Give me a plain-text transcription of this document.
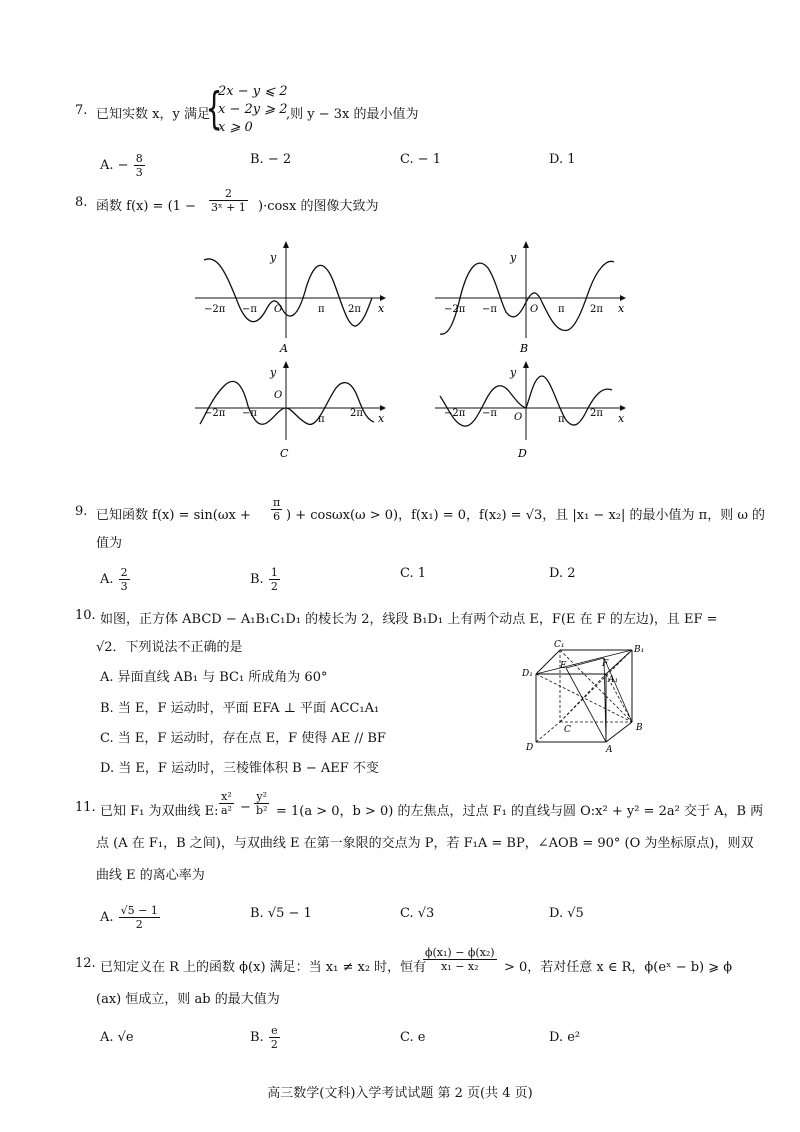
7. 已知实数 x，y 满足
{
2x − y ⩽ 2
x − 2y ⩾ 2
x ⩾ 0
,则 y − 3x 的最小值为
A. − $\frac{8}{3}$	B. − 2	C. − 1	D. 1
8. 函数 $f(x) = (1 - \frac{2}{\text{3ˣ + 1}} )\cdot\cos x$ 的图像大致为
y
x
−2π −π O	π 2π
A
y
x
−2π −π	O π	2π
B
y
x
−2π −π
O
π
2π
C
y
x
−2π −π O	π
2π
D
9. 已知函数 $f(x) = \sin(\omega x + \frac{\pi}{6}$ ) + cosωx(ω > 0)，f(x₁) = 0，f(x₂) = √3，且 |x₁ − x₂| 的最小值为 π，则 ω 的
值为
A. $\frac{2}{3}$	B. $\frac{1}{2}$	C. 1	D. 2
10. 如图，正方体 ABCD − A₁B₁C₁D₁ 的棱长为 2，线段 B₁D₁ 上有两个动点 E，F(E 在 F 的左边)，且 EF =
√2．下列说法不正确的是
A. 异面直线 AB₁ 与 BC₁ 所成角为 60°
B. 当 E，F 运动时，平面 EFA ⊥ 平面 ACC₁A₁
C. 当 E，F 运动时，存在点 E，F 使得 AE // BF
D. 当 E，F 运动时，三棱锥体积 B − AEF 不变
C₁	B₁
D₁
A₁
E	F
A
B
C
D
11. 已知 F₁ 为双曲线 E: $\frac{\text{x²}}{\text{a²}} - \frac{\text{y²}}{\text{b²}} = 1(a > 0$，b > 0) 的左焦点，过点 F₁ 的直线与圆 O:x² + y² = 2a² 交于 A，B 两
点 (A 在 F₁，B 之间)，与双曲线 E 在第一象限的交点为 P，若 F₁A = BP，∠AOB = 90° (O 为坐标原点)，则双
曲线 E 的离心率为
A. $\frac{√5 - 1}{2}$	B. √5 − 1	C. √3	D. √5
12. 已知定义在 R 上的函数 ϕ(x) 满足：当 x₁ ≠ x₂ 时，恒有
$\frac{\text{ϕ(x₁) − ϕ(x₂)}}{\text{x₁ − x₂}} > 0$，若对任意 x ∈ R，ϕ(eˣ − b) ⩾ ϕ
(ax) 恒成立，则 ab 的最大值为
A. √e	B. $\frac{e}{2}$	C. e	D. e²
高三数学(文科)入学考试试题 第 2 页(共 4 页)
